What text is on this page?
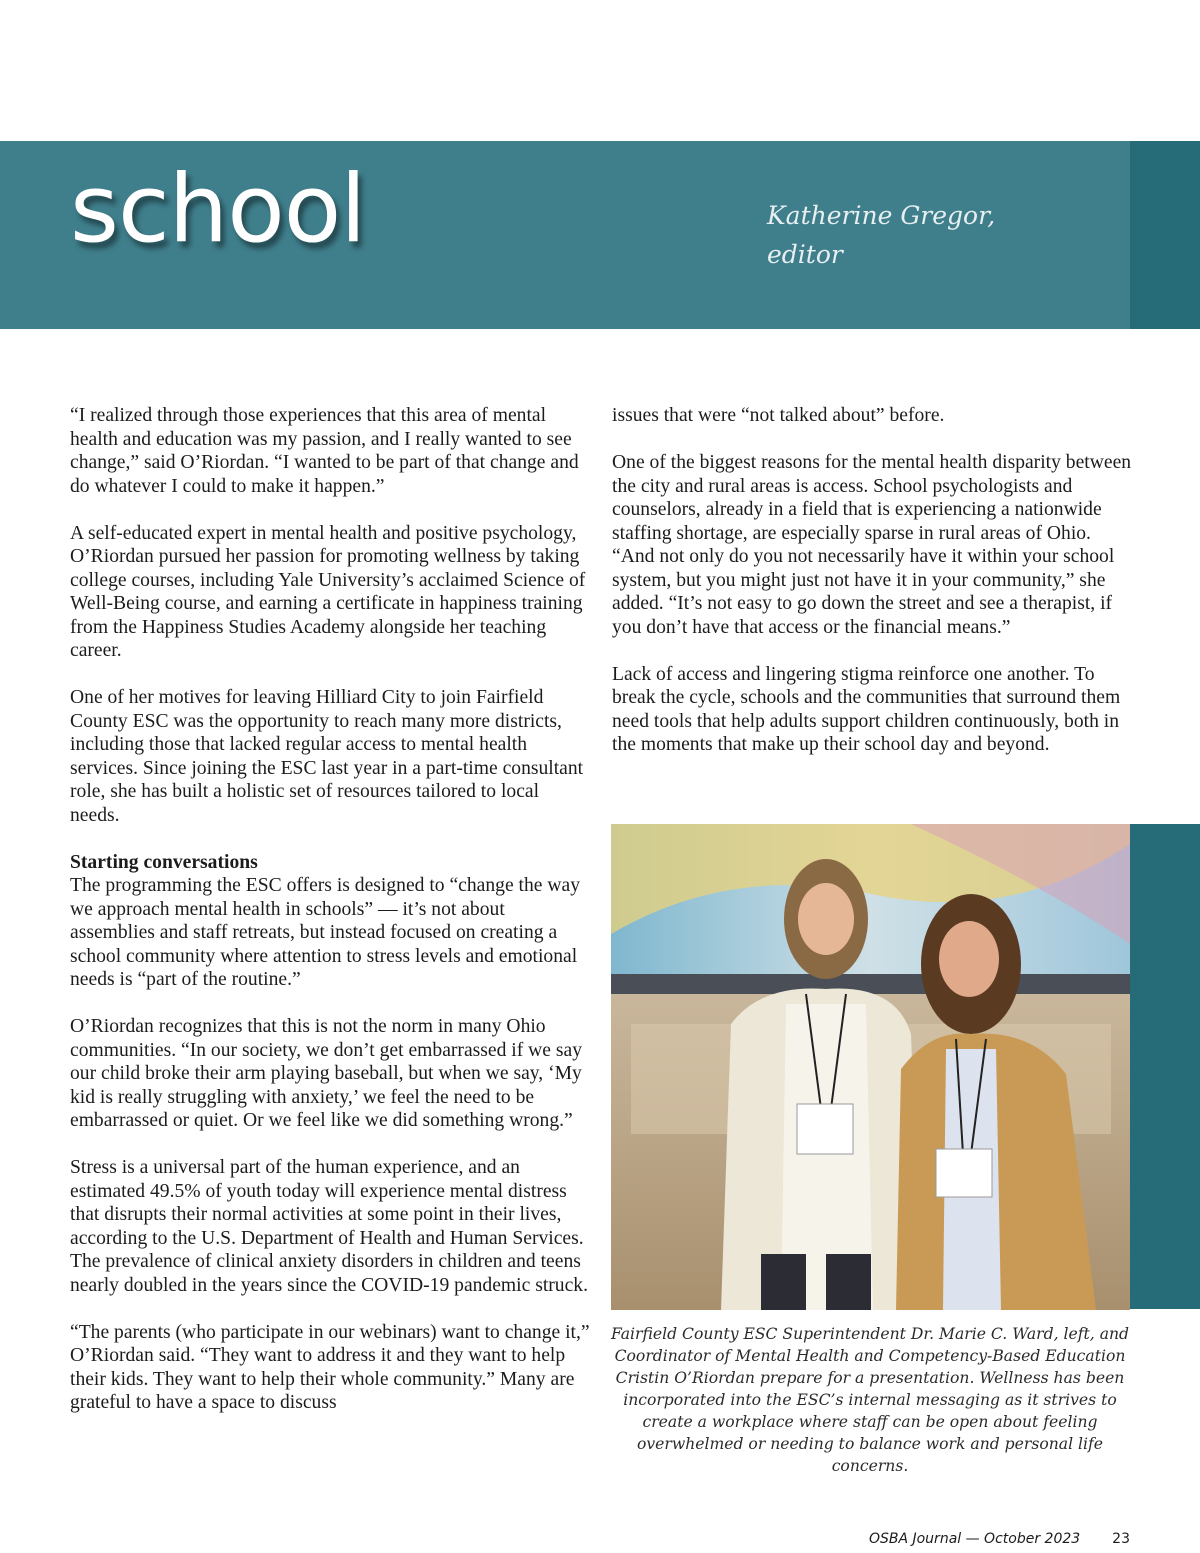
school	Katherine Gregor,
editor

“I realized through those experiences that this area of mental health and education was my passion, and I really wanted to see change,” said O’Riordan. “I wanted to be part of that change and do whatever I could to make it happen.”

A self-educated expert in mental health and positive psychology, O’Riordan pursued her passion for promoting wellness by taking college courses, including Yale University’s acclaimed Science of Well-Being course, and earning a certificate in happiness training from the Happiness Studies Academy alongside her teaching career.

One of her motives for leaving Hilliard City to join Fairfield County ESC was the opportunity to reach many more districts, including those that lacked regular access to mental health services. Since joining the ESC last year in a part-time consultant role, she has built a holistic set of resources tailored to local needs.

Starting conversations
The programming the ESC offers is designed to “change the way we approach mental health in schools” — it’s not about assemblies and staff retreats, but instead focused on creating a school community where attention to stress levels and emotional needs is “part of the routine.”

O’Riordan recognizes that this is not the norm in many Ohio communities. “In our society, we don’t get embarrassed if we say our child broke their arm playing baseball, but when we say, ‘My kid is really struggling with anxiety,’ we feel the need to be embarrassed or quiet. Or we feel like we did something wrong.”

Stress is a universal part of the human experience, and an estimated 49.5% of youth today will experience mental distress that disrupts their normal activities at some point in their lives, according to the U.S. Department of Health and Human Services. The prevalence of clinical anxiety disorders in children and teens nearly doubled in the years since the COVID-19 pandemic struck.

“The parents (who participate in our webinars) want to change it,” O’Riordan said. “They want to address it and they want to help their kids. They want to help their whole community.” Many are grateful to have a space to discuss

issues that were “not talked about” before.

One of the biggest reasons for the mental health disparity between the city and rural areas is access. School psychologists and counselors, already in a field that is experiencing a nationwide staffing shortage, are especially sparse in rural areas of Ohio. “And not only do you not necessarily have it within your school system, but you might just not have it in your community,” she added. “It’s not easy to go down the street and see a therapist, if you don’t have that access or the financial means.”

Lack of access and lingering stigma reinforce one another. To break the cycle, schools and the communities that surround them need tools that help adults support children continuously, both in the moments that make up their school day and beyond.

Fairfield County ESC Superintendent Dr. Marie C. Ward, left, and Coordinator of Mental Health and Competency-Based Education Cristin O’Riordan prepare for a presentation. Wellness has been incorporated into the ESC’s internal messaging as it strives to create a workplace where staff can be open about feeling overwhelmed or needing to balance work and personal life concerns.
OSBA Journal — October 2023 23
